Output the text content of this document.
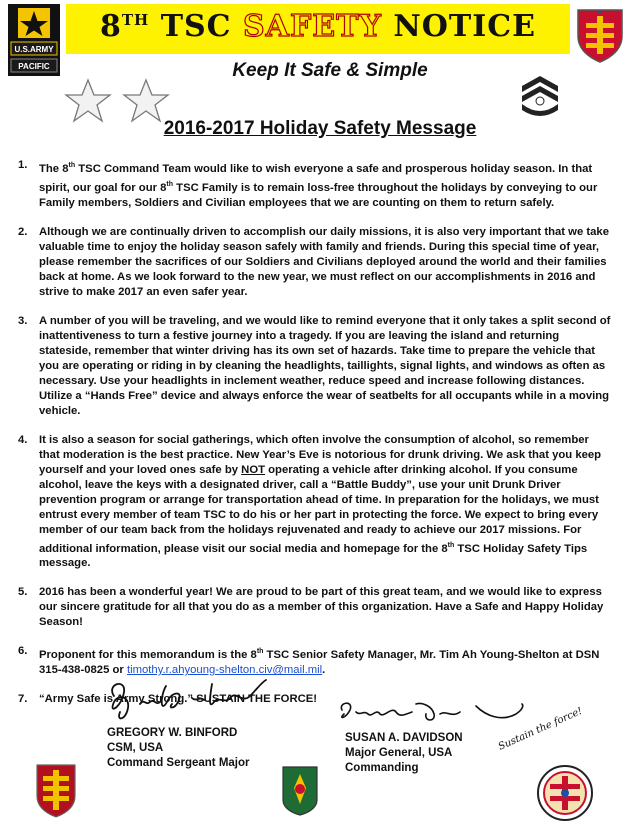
8TH TSC SAFETY NOTICE
Keep It Safe & Simple
U.S.ARMY
PACIFIC
2016-2017 Holiday Safety Message
1.	The 8th TSC Command Team would like to wish everyone a safe and prosperous holiday season. In that spirit, our goal for our 8th TSC Family is to remain loss-free throughout the holidays by conveying to our Family members, Soldiers and Civilian employees that we are counting on them to return safely.
2.	Although we are continually driven to accomplish our daily missions, it is also very important that we take valuable time to enjoy the holiday season safely with family and friends. During this special time of year, please remember the sacrifices of our Soldiers and Civilians deployed around the world and their families back at home. As we look forward to the new year, we must reflect on our accomplishments in 2016 and strive to make 2017 an even safer year.
3.	A number of you will be traveling, and we would like to remind everyone that it only takes a split second of inattentiveness to turn a festive journey into a tragedy. If you are leaving the island and returning stateside, remember that winter driving has its own set of hazards. Take time to prepare the vehicle that you are operating or riding in by cleaning the headlights, taillights, signal lights, and windows as often as necessary. Use your headlights in inclement weather, reduce speed and increase following distances. Utilize a “Hands Free” device and always enforce the wear of seatbelts for all occupants while in a moving vehicle.
4.	It is also a season for social gatherings, which often involve the consumption of alcohol, so remember that moderation is the best practice. New Year’s Eve is notorious for drunk driving. We ask that you keep yourself and your loved ones safe by NOT operating a vehicle after drinking alcohol. If you consume alcohol, leave the keys with a designated driver, call a “Battle Buddy”, use your unit Drunk Driver prevention program or arrange for transportation ahead of time. In preparation for the holidays, we must entrust every member of team TSC to do his or her part in protecting the force. We expect to bring every member of our team back from the holidays rejuvenated and ready to achieve our 2017 missions. For additional information, please visit our social media and homepage for the 8th TSC Holiday Safety Tips message.
5.	2016 has been a wonderful year! We are proud to be part of this great team, and we would like to express our sincere gratitude for all that you do as a member of this organization. Have a Safe and Happy Holiday Season!
6.	Proponent for this memorandum is the 8th TSC Senior Safety Manager, Mr. Tim Ah Young-Shelton at DSN 315-438-0825 or timothy.r.ahyoung-shelton.civ@mail.mil.
7.	“Army Safe is Army Strong.” SUSTAIN THE FORCE!
GREGORY W. BINFORD
CSM, USA
Command Sergeant Major
Sustain the force!
SUSAN A. DAVIDSON
Major General, USA
Commanding
